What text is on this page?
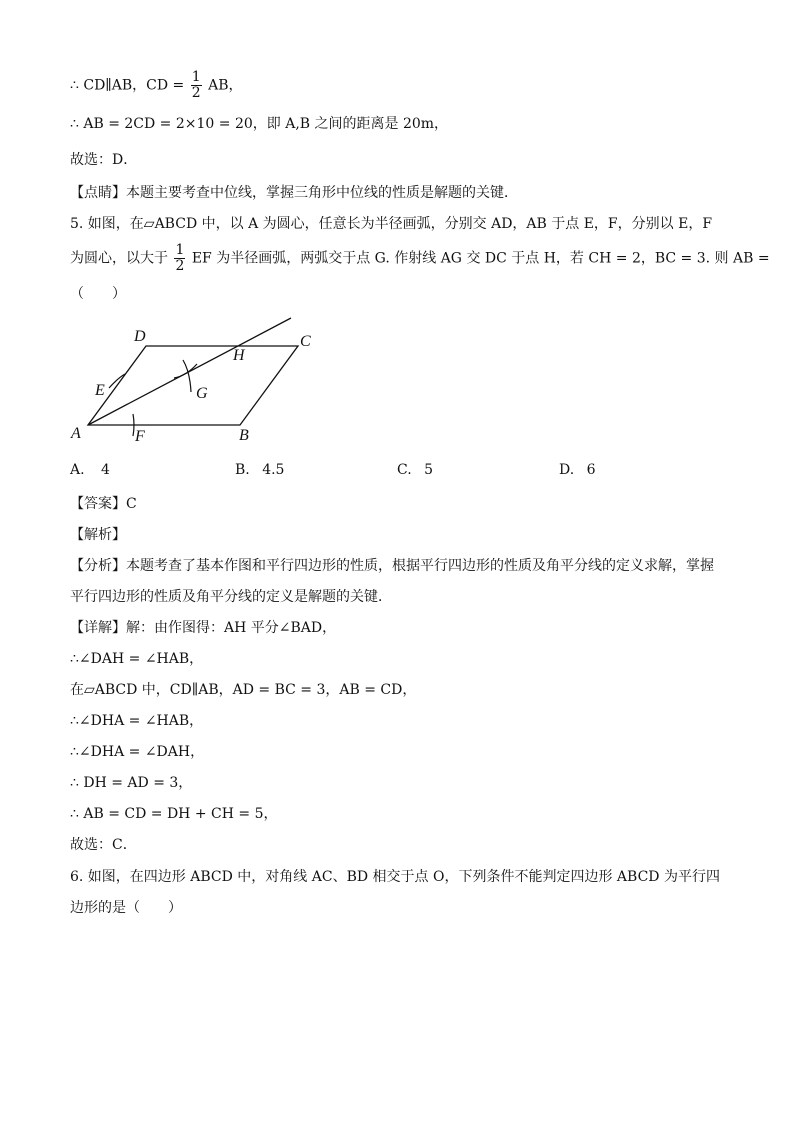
∴ CD∥AB，CD = $\frac{1}{2}$ AB，
∴ AB = 2CD = 2×10 = 20，即 A,B 之间的距离是 20m，
故选：D．
【点睛】本题主要考查中位线，掌握三角形中位线的性质是解题的关键．
5. 如图，在▱ABCD 中，以 A 为圆心，任意长为半径画弧，分别交 AD，AB 于点 E，F，分别以 E，F
为圆心，以大于 $\frac{1}{2}$ EF 为半径画弧，两弧交于点 G. 作射线 AG 交 DC 于点 H，若 CH = 2，BC = 3. 则 AB =
（　　）
A	B
C
D
E
F
G
H
A. 4	B. 4.5	C. 5	D. 6
【答案】C
【解析】
【分析】本题考查了基本作图和平行四边形的性质，根据平行四边形的性质及角平分线的定义求解，掌握
平行四边形的性质及角平分线的定义是解题的关键．
【详解】解：由作图得：AH 平分∠BAD，
∴∠DAH = ∠HAB，
在▱ABCD 中，CD∥AB，AD = BC = 3，AB = CD，
∴∠DHA = ∠HAB，
∴∠DHA = ∠DAH，
∴ DH = AD = 3，
∴ AB = CD = DH + CH = 5，
故选：C．
6. 如图，在四边形 ABCD 中，对角线 AC、BD 相交于点 O，下列条件不能判定四边形 ABCD 为平行四
边形的是（　　）
